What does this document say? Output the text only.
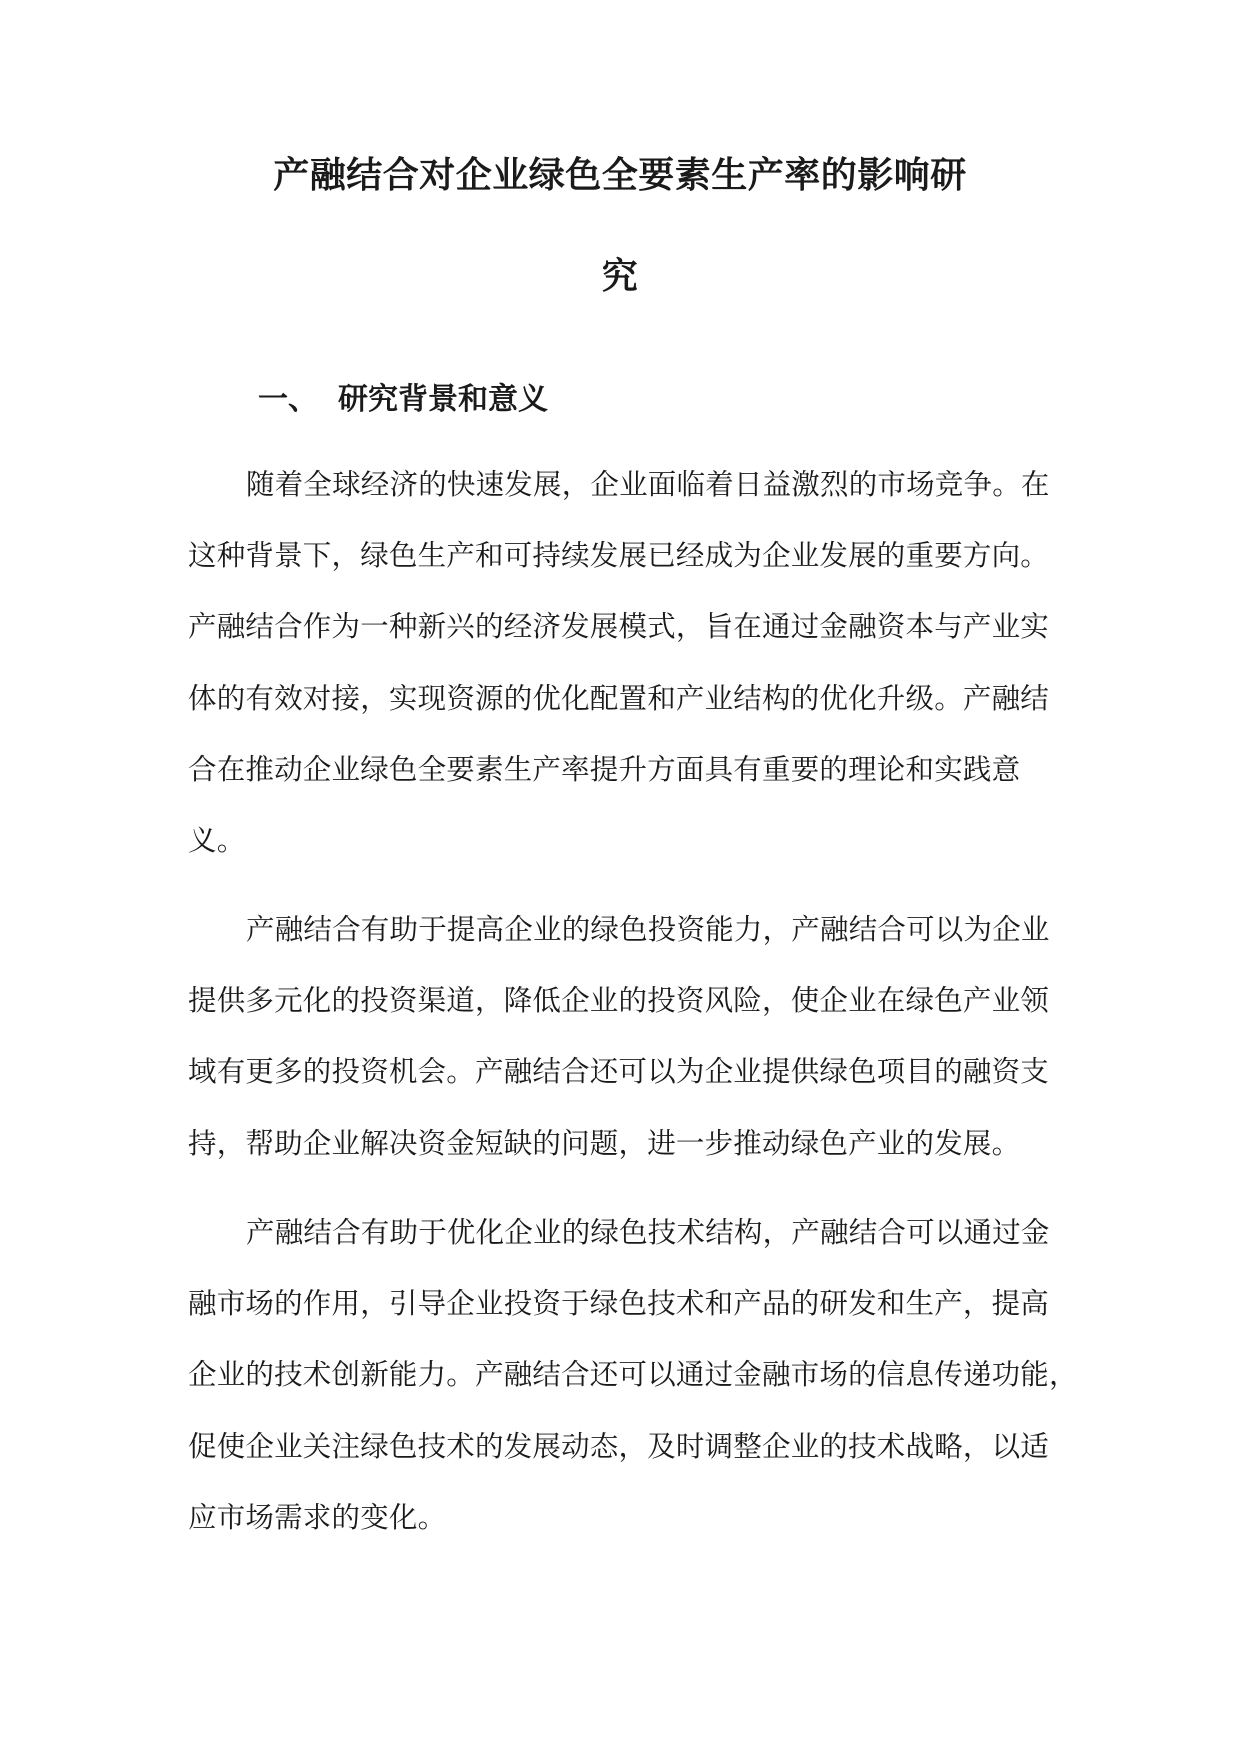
产融结合对企业绿色全要素生产率的影响研
究
一、 研究背景和意义
随着全球经济的快速发展，企业面临着日益激烈的市场竞争。在
这种背景下，绿色生产和可持续发展已经成为企业发展的重要方向。
产融结合作为一种新兴的经济发展模式，旨在通过金融资本与产业实
体的有效对接，实现资源的优化配置和产业结构的优化升级。产融结
合在推动企业绿色全要素生产率提升方面具有重要的理论和实践意
义。
产融结合有助于提高企业的绿色投资能力，产融结合可以为企业
提供多元化的投资渠道，降低企业的投资风险，使企业在绿色产业领
域有更多的投资机会。产融结合还可以为企业提供绿色项目的融资支
持，帮助企业解决资金短缺的问题，进一步推动绿色产业的发展。
产融结合有助于优化企业的绿色技术结构，产融结合可以通过金
融市场的作用，引导企业投资于绿色技术和产品的研发和生产，提高
企业的技术创新能力。产融结合还可以通过金融市场的信息传递功能，
促使企业关注绿色技术的发展动态，及时调整企业的技术战略，以适
应市场需求的变化。
